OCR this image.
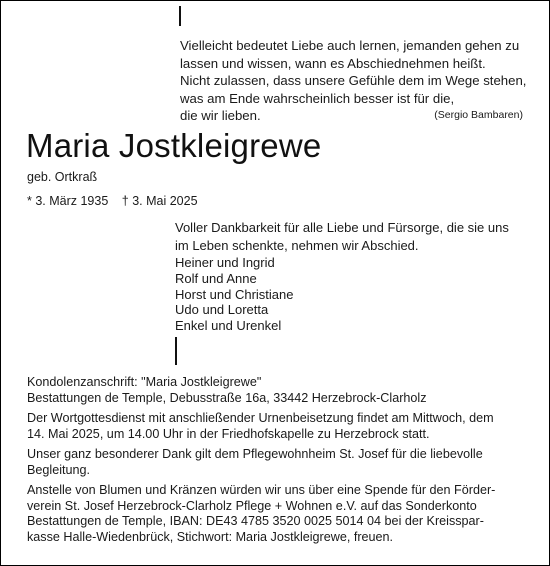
Vielleicht bedeutet Liebe auch lernen, jemanden gehen zu
lassen und wissen, wann es Abschiednehmen heißt.
Nicht zulassen, dass unsere Gefühle dem im Wege stehen,
was am Ende wahrscheinlich besser ist für die,
die wir lieben.	(Sergio Bambaren)
Maria Jostkleigrewe
geb. Ortkraß
* 3. März 1935 † 3. Mai 2025
Voller Dankbarkeit für alle Liebe und Fürsorge, die sie uns
im Leben schenkte, nehmen wir Abschied.
Heiner und Ingrid
Rolf und Anne
Horst und Christiane
Udo und Loretta
Enkel und Urenkel
Kondolenzanschrift: "Maria Jostkleigrewe"
Bestattungen de Temple, Debusstraße 16a, 33442 Herzebrock-Clarholz
Der Wortgottesdienst mit anschließender Urnenbeisetzung findet am Mittwoch, dem
14. Mai 2025, um 14.00 Uhr in der Friedhofskapelle zu Herzebrock statt.
Unser ganz besonderer Dank gilt dem Pflegewohnheim St. Josef für die liebevolle
Begleitung.
Anstelle von Blumen und Kränzen würden wir uns über eine Spende für den Förder-
verein St. Josef Herzebrock-Clarholz Pflege + Wohnen e.V. auf das Sonderkonto
Bestattungen de Temple, IBAN: DE43 4785 3520 0025 5014 04 bei der Kreisspar-
kasse Halle-Wiedenbrück, Stichwort: Maria Jostkleigrewe, freuen.
